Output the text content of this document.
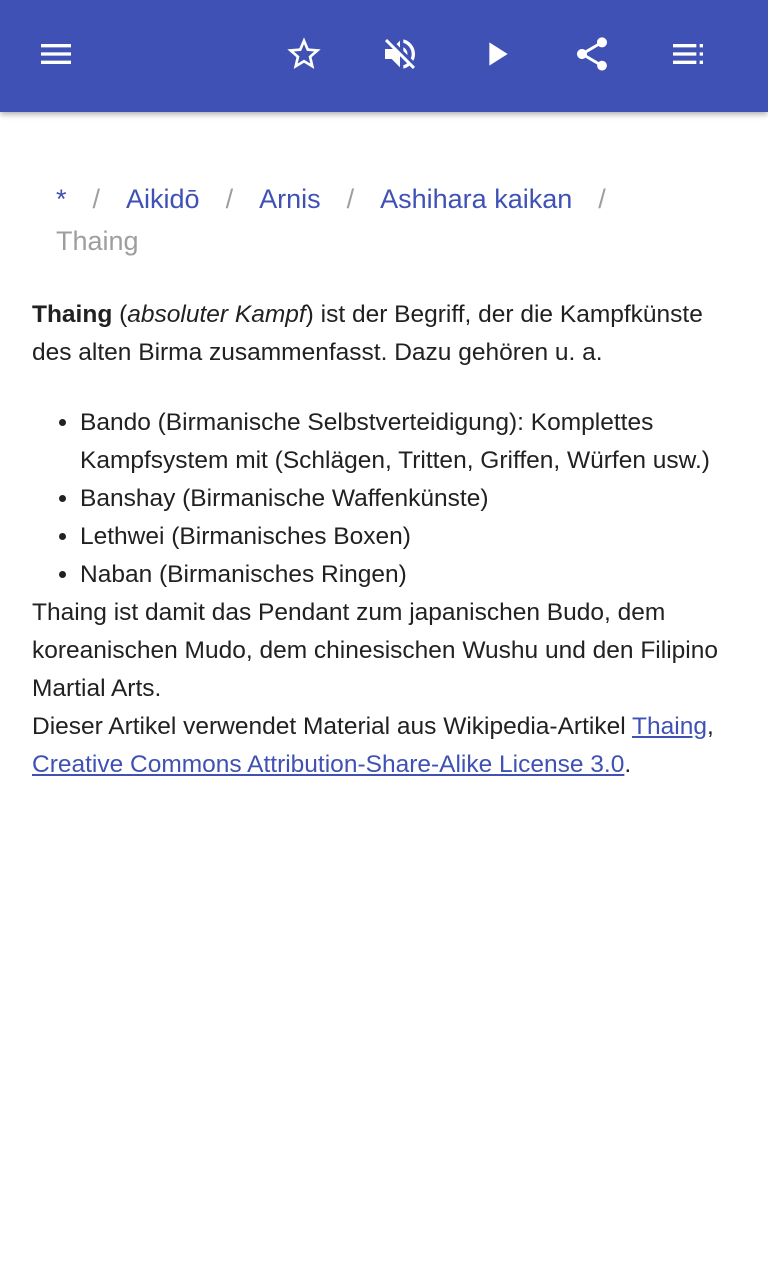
* / Aikidō / Arnis / Ashihara kaikan /
Thaing

Thaing (absoluter Kampf) ist der Begriff, der die Kampfkünste des alten Birma zusammenfasst. Dazu gehören u. a.

• Bando (Birmanische Selbstverteidigung): Komplettes Kampfsystem mit (Schlägen, Tritten, Griffen, Würfen usw.)
• Banshay (Birmanische Waffenkünste)
• Lethwei (Birmanisches Boxen)
• Naban (Birmanisches Ringen)

Thaing ist damit das Pendant zum japanischen Budo, dem koreanischen Mudo, dem chinesischen Wushu und den Filipino Martial Arts.

Dieser Artikel verwendet Material aus Wikipedia-Artikel Thaing, Creative Commons Attribution-Share-Alike License 3.0.
